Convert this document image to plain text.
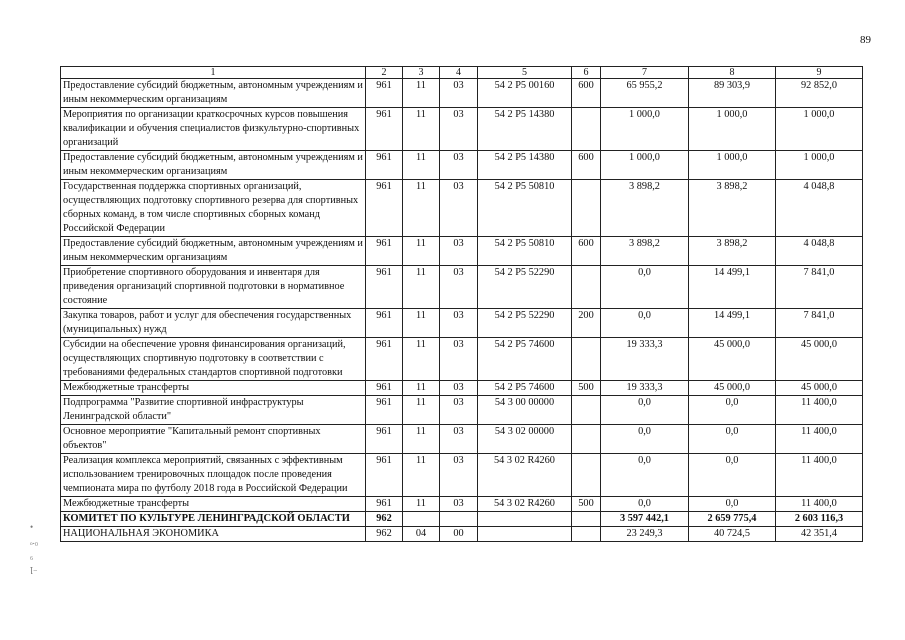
89
•
ₒ.₀
₆
ꞁ₋
1	2	3	4	5	6	7	8	9
Предоставление субсидий бюджетным, автономным учреждениям и иным некоммерческим организациям	961	11	03	54 2 P5 00160	600	65 955,2	89 303,9	92 852,0
Мероприятия по организации краткосрочных курсов повышения квалификации и обучения специалистов физкультурно-спортивных организаций	961	11	03	54 2 P5 14380		1 000,0	1 000,0	1 000,0
Предоставление субсидий бюджетным, автономным учреждениям и иным некоммерческим организациям	961	11	03	54 2 P5 14380	600	1 000,0	1 000,0	1 000,0
Государственная поддержка спортивных организаций, осуществляющих подготовку спортивного резерва для спортивных сборных команд, в том числе спортивных сборных команд Российской Федерации	961	11	03	54 2 P5 50810		3 898,2	3 898,2	4 048,8
Предоставление субсидий бюджетным, автономным учреждениям и иным некоммерческим организациям	961	11	03	54 2 P5 50810	600	3 898,2	3 898,2	4 048,8
Приобретение спортивного оборудования и инвентаря для приведения организаций спортивной подготовки в нормативное состояние	961	11	03	54 2 P5 52290		0,0	14 499,1	7 841,0
Закупка товаров, работ и услуг для обеспечения государственных (муниципальных) нужд	961	11	03	54 2 P5 52290	200	0,0	14 499,1	7 841,0
Субсидии на обеспечение уровня финансирования организаций, осуществляющих спортивную подготовку в соответствии с требованиями федеральных стандартов спортивной подготовки	961	11	03	54 2 P5 74600		19 333,3	45 000,0	45 000,0
Межбюджетные трансферты	961	11	03	54 2 P5 74600	500	19 333,3	45 000,0	45 000,0
Подпрограмма "Развитие спортивной инфраструктуры Ленинградской области"	961	11	03	54 3 00 00000		0,0	0,0	11 400,0
Основное мероприятие "Капитальный ремонт спортивных объектов"	961	11	03	54 3 02 00000		0,0	0,0	11 400,0
Реализация комплекса мероприятий, связанных с эффективным использованием тренировочных площадок после проведения чемпионата мира по футболу 2018 года в Российской Федерации	961	11	03	54 3 02 R4260		0,0	0,0	11 400,0
Межбюджетные трансферты	961	11	03	54 3 02 R4260	500	0,0	0,0	11 400,0
КОМИТЕТ ПО КУЛЬТУРЕ ЛЕНИНГРАДСКОЙ ОБЛАСТИ	962					3 597 442,1	2 659 775,4	2 603 116,3
НАЦИОНАЛЬНАЯ ЭКОНОМИКА	962	04	00			23 249,3	40 724,5	42 351,4
